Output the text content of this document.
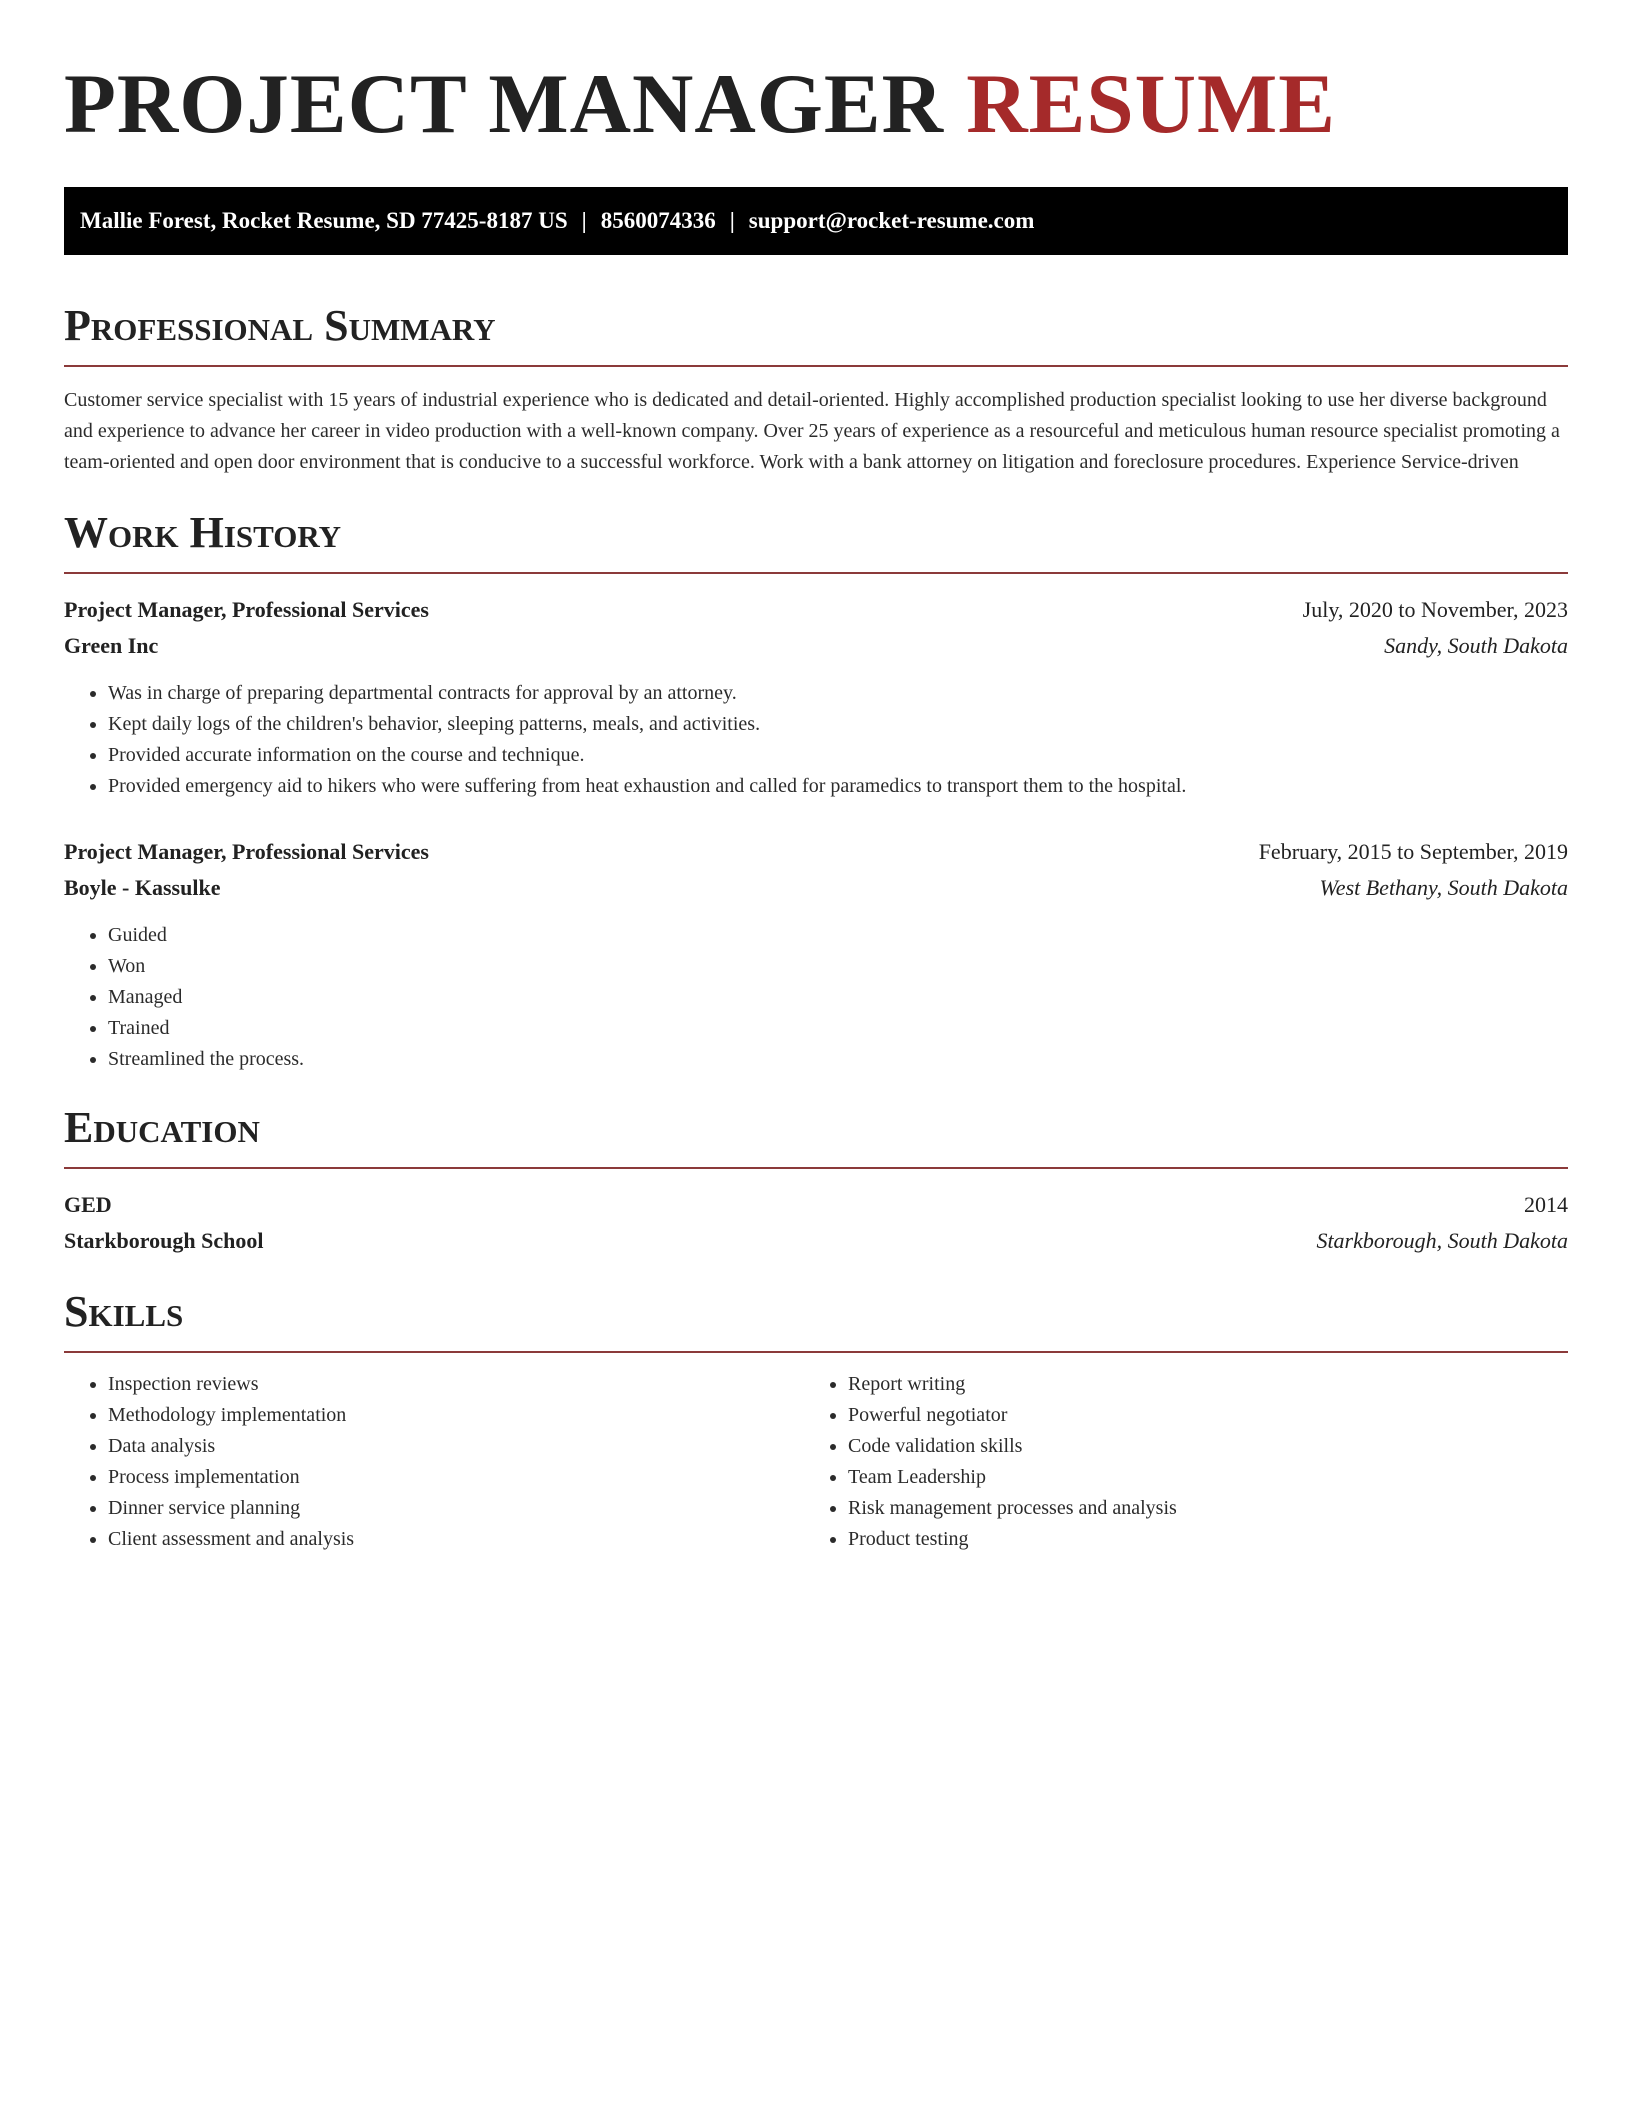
PROJECT MANAGER RESUME
Mallie Forest, Rocket Resume, SD 77425-8187 US | 8560074336 | support@rocket-resume.com
Professional Summary

Customer service specialist with 15 years of industrial experience who is dedicated and detail-oriented. Highly accomplished production specialist looking to use her diverse background and experience to advance her career in video production with a well-known company. Over 25 years of experience as a resourceful and meticulous human resource specialist promoting a team-oriented and open door environment that is conducive to a successful workforce. Work with a bank attorney on litigation and foreclosure procedures. Experience Service-driven

Work History
Project Manager, Professional Services	July, 2020 to November, 2023
Green Inc	Sandy, South Dakota
• Was in charge of preparing departmental contracts for approval by an attorney.
• Kept daily logs of the children's behavior, sleeping patterns, meals, and activities.
• Provided accurate information on the course and technique.
• Provided emergency aid to hikers who were suffering from heat exhaustion and called for paramedics to transport them to the hospital.
Project Manager, Professional Services	February, 2015 to September, 2019
Boyle - Kassulke	West Bethany, South Dakota
• Guided
• Won
• Managed
• Trained
• Streamlined the process.
Education
GED	2014
Starkborough School	Starkborough, South Dakota
Skills
• Inspection reviews
• Methodology implementation
• Data analysis
• Process implementation
• Dinner service planning
• Client assessment and analysis
• Report writing
• Powerful negotiator
• Code validation skills
• Team Leadership
• Risk management processes and analysis
• Product testing
